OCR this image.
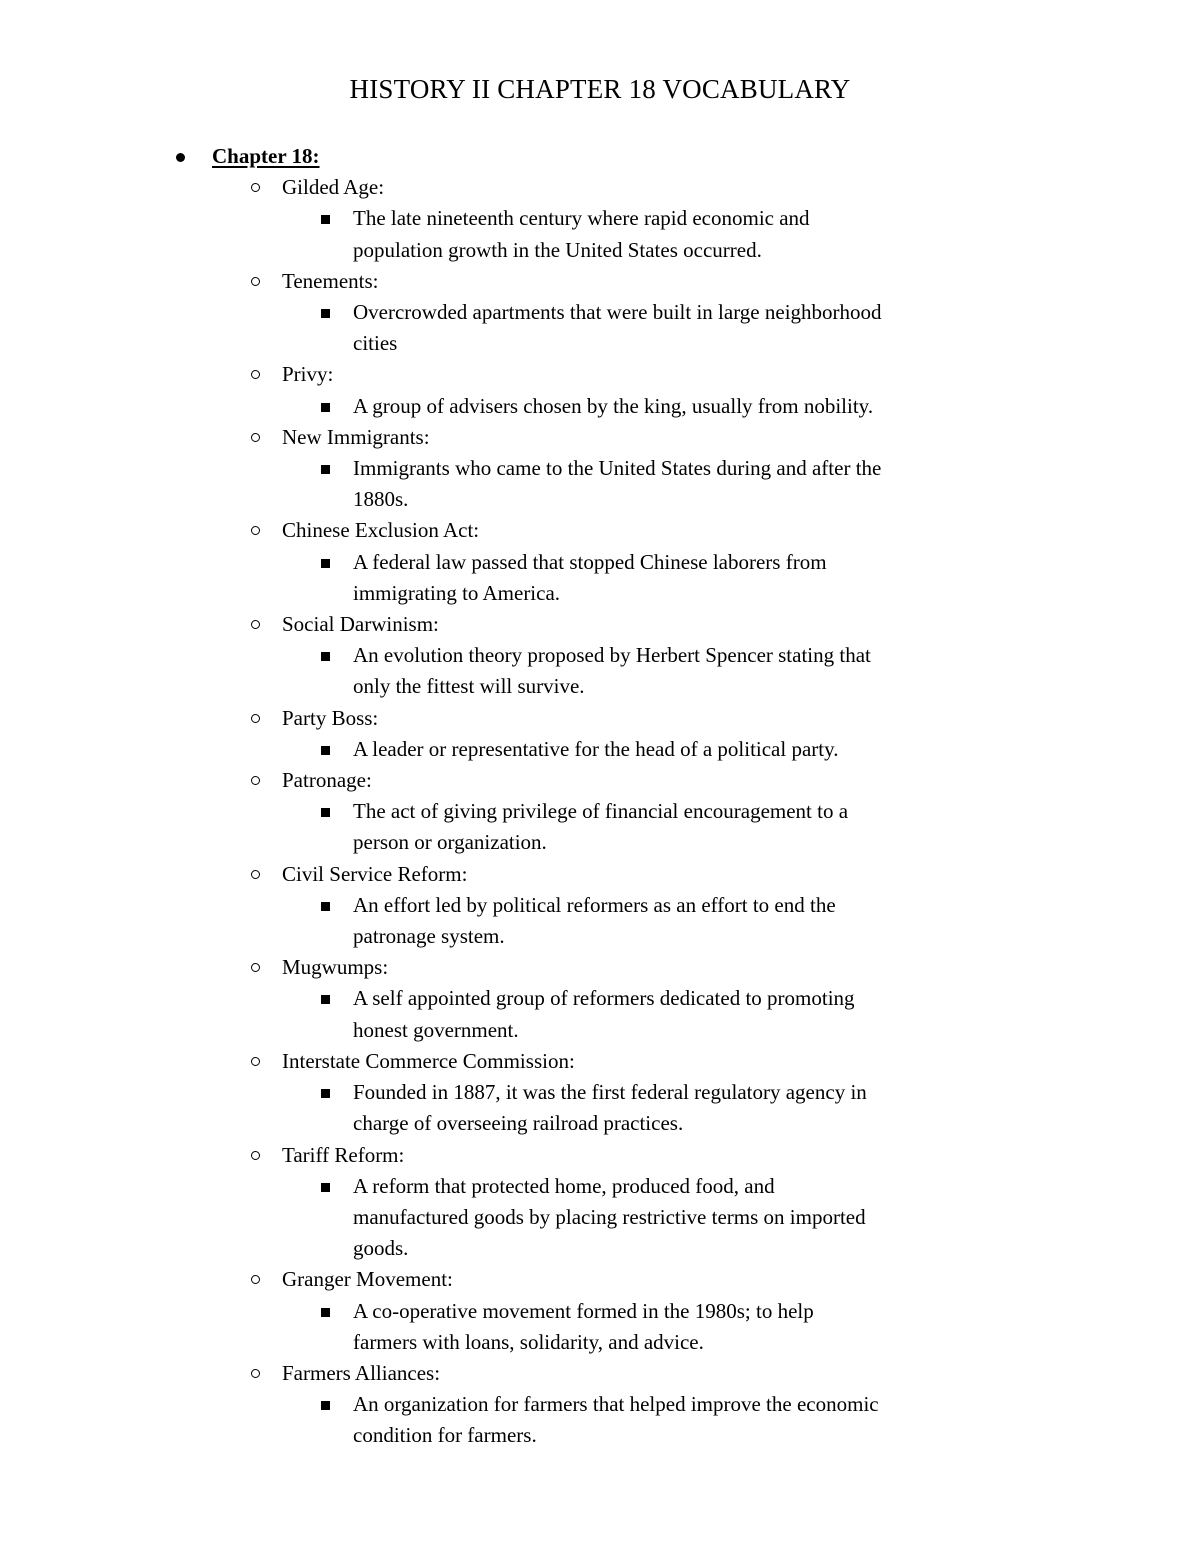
HISTORY II CHAPTER 18 VOCABULARY
Chapter 18:
Gilded Age:
The late nineteenth century where rapid economic and population growth in the United States occurred.
Tenements:
Overcrowded apartments that were built in large neighborhood cities
Privy:
A group of advisers chosen by the king, usually from nobility.
New Immigrants:
Immigrants who came to the United States during and after the 1880s.
Chinese Exclusion Act:
A federal law passed that stopped Chinese laborers from immigrating to America.
Social Darwinism:
An evolution theory proposed by Herbert Spencer stating that only the fittest will survive.
Party Boss:
A leader or representative for the head of a political party.
Patronage:
The act of giving privilege of financial encouragement to a person or organization.
Civil Service Reform:
An effort led by political reformers as an effort to end the patronage system.
Mugwumps:
A self appointed group of reformers dedicated to promoting honest government.
Interstate Commerce Commission:
Founded in 1887, it was the first federal regulatory agency in charge of overseeing railroad practices.
Tariff Reform:
A reform that protected home, produced food, and manufactured goods by placing restrictive terms on imported goods.
Granger Movement:
A co-operative movement formed in the 1980s; to help farmers with loans, solidarity, and advice.
Farmers Alliances:
An organization for farmers that helped improve the economic condition for farmers.
